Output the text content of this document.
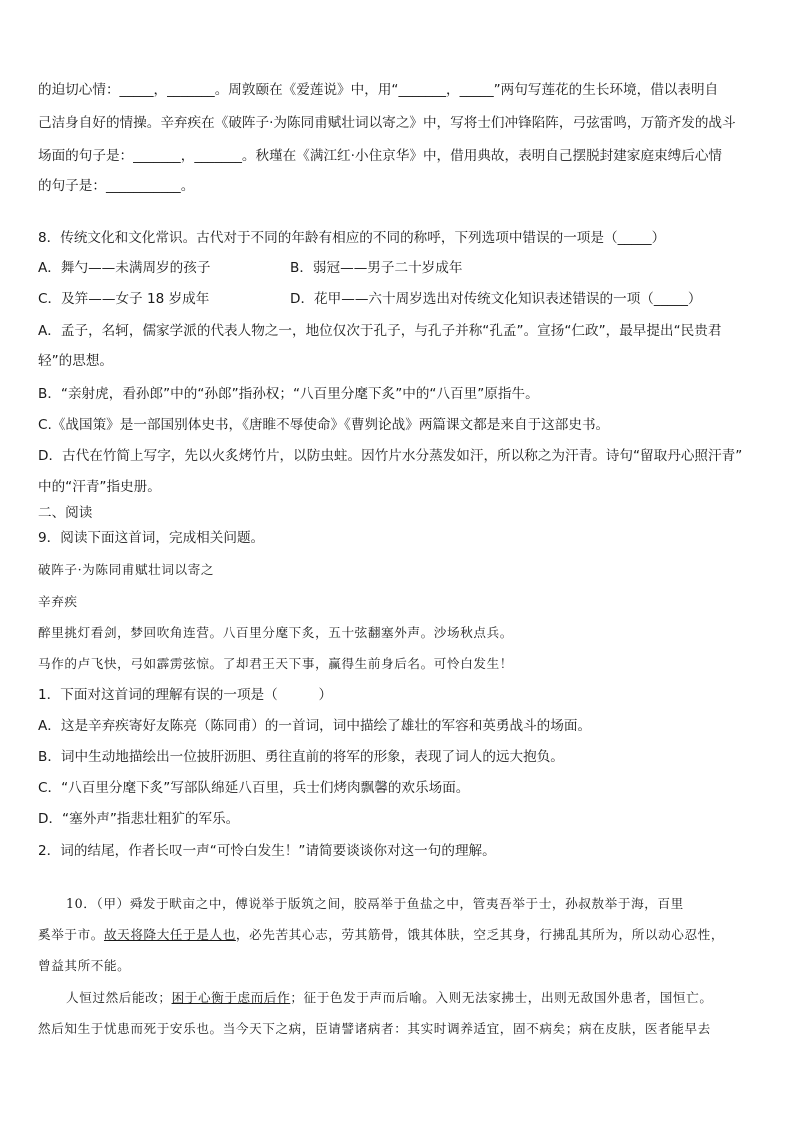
的迫切心情：_____，_______。周敦颐在《爱莲说》中，用“_______，_____”两句写莲花的生长环境，借以表明自
己洁身自好的情操。辛弃疾在《破阵子·为陈同甫赋壮词以寄之》中，写将士们冲锋陷阵，弓弦雷鸣，万箭齐发的战斗
场面的句子是：_______，_______。秋瑾在《满江红·小住京华》中，借用典故，表明自己摆脱封建家庭束缚后心情
的句子是：___________。
8．传统文化和文化常识。古代对于不同的年龄有相应的不同的称呼，下列选项中错误的一项是（_____）
A．舞勺——未满周岁的孩子	B．弱冠——男子二十岁成年
C．及笄——女子 18 岁成年	D．花甲——六十周岁选出对传统文化知识表述错误的一项（_____）
A．孟子，名轲，儒家学派的代表人物之一，地位仅次于孔子，与孔子并称“孔孟”。宣扬“仁政”，最早提出“民贵君
轻”的思想。
B．“亲射虎，看孙郎”中的“孙郎”指孙权；“八百里分麾下炙”中的“八百里”原指牛。
C.《战国策》是一部国别体史书，《唐睢不辱使命》《曹刿论战》两篇课文都是来自于这部史书。
D．古代在竹简上写字，先以火炙烤竹片，以防虫蛀。因竹片水分蒸发如汗，所以称之为汗青。诗句“留取丹心照汗青”
中的“汗青”指史册。
二、阅读
9．阅读下面这首词，完成相关问题。
破阵子·为陈同甫赋壮词以寄之
辛弃疾
醉里挑灯看剑，梦回吹角连营。八百里分麾下炙，五十弦翻塞外声。沙场秋点兵。
马作的卢飞快，弓如霹雳弦惊。了却君王天下事，赢得生前身后名。可怜白发生！
1．下面对这首词的理解有误的一项是（　　　）
A．这是辛弃疾寄好友陈亮（陈同甫）的一首词，词中描绘了雄壮的军容和英勇战斗的场面。
B．词中生动地描绘出一位披肝沥胆、勇往直前的将军的形象，表现了词人的远大抱负。
C．“八百里分麾下炙”写部队绵延八百里，兵士们烤肉飘馨的欢乐场面。
D．“塞外声”指悲壮粗犷的军乐。
2．词的结尾，作者长叹一声“可怜白发生！”请简要谈谈你对这一句的理解。
10．（甲）舜发于畎亩之中，傅说举于版筑之间，胶鬲举于鱼盐之中，管夷吾举于士，孙叔敖举于海，百里
奚举于市。故天将降大任于是人也，必先苦其心志，劳其筋骨，饿其体肤，空乏其身，行拂乱其所为，所以动心忍性，
曾益其所不能。
人恒过然后能改；困于心衡于虑而后作；征于色发于声而后喻。入则无法家拂士，出则无敌国外患者，国恒亡。
然后知生于忧患而死于安乐也。当今天下之病，臣请譬诸病者：其实时调养适宜，固不病矣；病在皮肤，医者能早去
